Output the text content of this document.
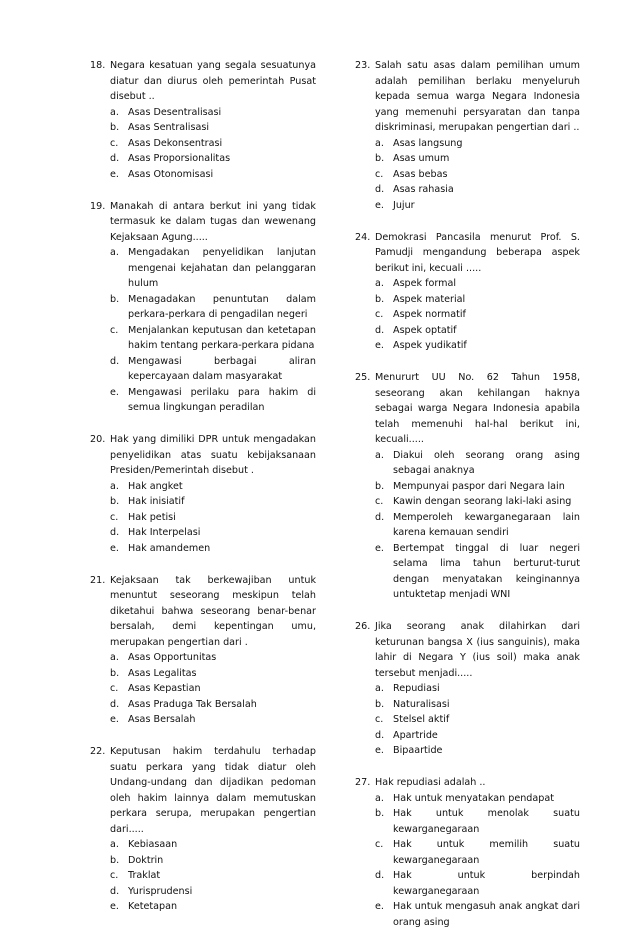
18. Negara kesatuan yang segala sesuatunya diatur dan diurus oleh pemerintah Pusat disebut ..
a. Asas Desentralisasi
b. Asas Sentralisasi
c.	Asas Dekonsentrasi
d. Asas Proporsionalitas
e. Asas Otonomisasi
19. Manakah di antara berkut ini yang tidak termasuk ke dalam tugas dan wewenang Kejaksaan Agung.....
a. Mengadakan penyelidikan lanjutan mengenai kejahatan dan pelanggaran hulum
b. Menagadakan penuntutan dalam perkara-perkara di pengadilan negeri
c.	Menjalankan keputusan dan ketetapan hakim tentang perkara-perkara pidana
d. Mengawasi berbagai aliran kepercayaan dalam masyarakat
e. Mengawasi perilaku para hakim di semua lingkungan peradilan
20. Hak yang dimiliki DPR untuk mengadakan penyelidikan atas suatu kebijaksanaan Presiden/Pemerintah disebut .
a. Hak angket
b. Hak inisiatif
c.	Hak petisi
d. Hak Interpelasi
e. Hak amandemen
21. Kejaksaan tak berkewajiban untuk menuntut seseorang meskipun telah diketahui bahwa seseorang benar-benar bersalah, demi kepentingan umu, merupakan pengertian dari .
a. Asas Opportunitas
b. Asas Legalitas
c.	Asas Kepastian
d. Asas Praduga Tak Bersalah
e. Asas Bersalah
22. Keputusan hakim terdahulu terhadap suatu perkara yang tidak diatur oleh Undang-undang dan dijadikan pedoman oleh hakim lainnya dalam memutuskan perkara serupa, merupakan pengertian dari.....
a. Kebiasaan
b. Doktrin
c.	Traklat
d. Yurisprudensi
e. Ketetapan
23. Salah satu asas dalam pemilihan umum adalah pemilihan berlaku menyeluruh kepada semua warga Negara Indonesia yang memenuhi persyaratan dan tanpa diskriminasi, merupakan pengertian dari ..
a. Asas langsung
b. Asas umum
c.	Asas bebas
d. Asas rahasia
e. Jujur
24. Demokrasi Pancasila menurut Prof. S. Pamudji mengandung beberapa aspek berikut ini, kecuali .....
a. Aspek formal
b. Aspek material
c.	Aspek normatif
d. Aspek optatif
e. Aspek yudikatif
25. Menururt UU No. 62 Tahun 1958, seseorang akan kehilangan haknya sebagai warga Negara Indonesia apabila telah memenuhi hal-hal berikut ini, kecuali.....
a. Diakui oleh seorang orang asing sebagai anaknya
b. Mempunyai paspor dari Negara lain
c.	Kawin dengan seorang laki-laki asing
d. Memperoleh kewarganegaraan lain karena kemauan sendiri
e. Bertempat tinggal di luar negeri selama lima tahun berturut-turut dengan menyatakan keinginannya untuktetap menjadi WNI
26. Jika seorang anak dilahirkan dari keturunan bangsa X (ius sanguinis), maka lahir di Negara Y (ius soil) maka anak tersebut menjadi.....
a. Repudiasi
b. Naturalisasi
c.	Stelsel aktif
d. Apartride
e. Bipaartide
27. Hak repudiasi adalah ..
a. Hak untuk menyatakan pendapat
b. Hak untuk menolak suatu kewarganegaraan
c.	Hak untuk memilih suatu kewarganegaraan
d. Hak untuk berpindah kewarganegaraan
e. Hak untuk mengasuh anak angkat dari orang asing
